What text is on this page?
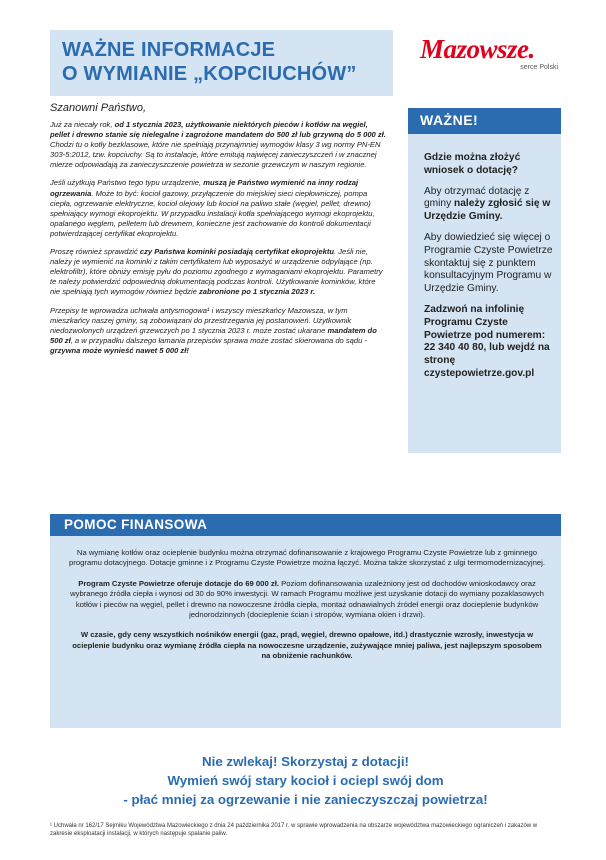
WAŻNE INFORMACJE
O WYMIANIE „KOPCIUCHÓW”
Mazowsze.
serce Polski
Szanowni Państwo,

Już za niecały rok, od 1 stycznia 2023, użytkowanie niektórych pieców i kotłów na węgiel, pellet i drewno stanie się nielegalne i zagrożone mandatem do 500 zł lub grzywną do 5 000 zł. Chodzi tu o kotły bezklasowe, które nie spełniają przynajmniej wymogów klasy 3 wg normy PN-EN 303-5:2012, tzw. kopciuchy. Są to instalacje, które emitują najwięcej zanieczyszczeń i w znacznej mierze odpowiadają za zanieczyszczenie powietrza w sezonie grzewczym w naszym regionie.

Jeśli użytkują Państwo tego typu urządzenie, muszą je Państwo wymienić na inny rodzaj ogrzewania. Może to być: kocioł gazowy, przyłączenie do miejskiej sieci ciepłowniczej, pompa ciepła, ogrzewanie elektryczne, kocioł olejowy lub kocioł na paliwo stałe (węgiel, pellet, drewno) spełniający wymogi ekoprojektu. W przypadku instalacji kotła spełniającego wymogi ekoprojektu, opalanego węglem, pelletem lub drewnem, konieczne jest zachowanie do kontroli dokumentacji potwierdzającej certyfikat ekoprojektu.

Proszę również sprawdzić czy Państwa kominki posiadają certyfikat ekoprojektu. Jeśli nie, należy je wymienić na kominki z takim certyfikatem lub wyposażyć w urządzenie odpylające (np. elektrofiltr), które obniży emisję pyłu do poziomu zgodnego z wymaganiami ekoprojektu. Parametry te należy potwierdzić odpowiednią dokumentacją podczas kontroli. Użytkowanie kominków, które nie spełniają tych wymogów również będzie zabronione po 1 stycznia 2023 r.

Przepisy te wprowadza uchwała antysmogowa¹ i wszyscy mieszkańcy Mazowsza, w tym mieszkańcy naszej gminy, są zobowiązani do przestrzegania jej postanowień. Użytkownik niedozwolonych urządzeń grzewczych po 1 stycznia 2023 r. może zostać ukarane mandatem do 500 zł, a w przypadku dalszego łamania przepisów sprawa może zostać skierowana do sądu - grzywna może wynieść nawet 5 000 zł!

WAŻNE!

Gdzie można złożyć wniosek o dotację?

Aby otrzymać dotację z gminy należy zgłosić się w Urzędzie Gminy.

Aby dowiedzieć się więcej o Programie Czyste Powietrze skontaktuj się z punktem konsultacyjnym Programu w Urzędzie Gminy.

Zadzwoń na infolinię Programu Czyste Powietrze pod numerem: 22 340 40 80, lub wejdź na stronę czystepowietrze.gov.pl

POMOC FINANSOWA

Na wymianę kotłów oraz ocieplenie budynku można otrzymać dofinansowanie z krajowego Programu Czyste Powietrze lub z gminnego programu dotacyjnego. Dotacje gminne i z Programu Czyste Powietrze można łączyć. Można także skorzystać z ulgi termomodernizacyjnej.

Program Czyste Powietrze oferuje dotacje do 69 000 zł. Poziom dofinansowania uzależniony jest od dochodów wnioskodawcy oraz wybranego źródła ciepła i wynosi od 30 do 90% inwestycji. W ramach Programu możliwe jest uzyskanie dotacji do wymiany pozaklasowych kotłów i pieców na węgiel, pellet i drewno na nowoczesne źródła ciepła, montaż odnawialnych źródeł energii oraz docieplenie budynków jednorodzinnych (docieplenie ścian i stropów, wymiana okien i drzwi).

W czasie, gdy ceny wszystkich nośników energii (gaz, prąd, węgiel, drewno opałowe, itd.) drastycznie wzrosły, inwestycja w ocieplenie budynku oraz wymianę źródła ciepła na nowoczesne urządzenie, zużywające mniej paliwa, jest najlepszym sposobem na obniżenie rachunków.

Nie zwlekaj! Skorzystaj z dotacji!
Wymień swój stary kocioł i ociepl swój dom
- płać mniej za ogrzewanie i nie zanieczyszczaj powietrza!
¹ Uchwała nr 162/17 Sejmiku Województwa Mazowieckiego z dnia 24 października 2017 r. w sprawie wprowadzenia na obszarze województwa mazowieckiego ograniczeń i zakazów w zakresie eksploatacji instalacji, w których następuje spalanie paliw.
